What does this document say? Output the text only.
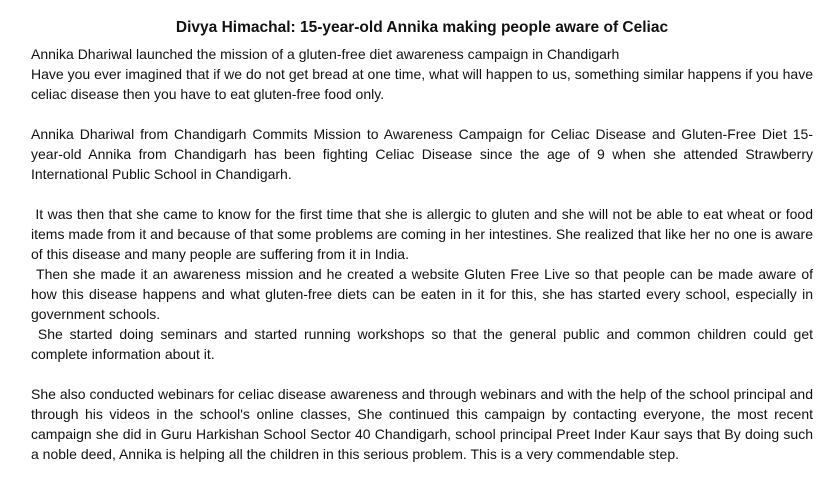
Divya Himachal: 15-year-old Annika making people aware of Celiac

Annika Dhariwal launched the mission of a gluten-free diet awareness campaign in Chandigarh

Have you ever imagined that if we do not get bread at one time, what will happen to us, something similar happens if you have celiac disease then you have to eat gluten-free food only.

Annika Dhariwal from Chandigarh Commits Mission to Awareness Campaign for Celiac Disease and Gluten-Free Diet 15-year-old Annika from Chandigarh has been fighting Celiac Disease since the age of 9 when she attended Strawberry International Public School in Chandigarh.

It was then that she came to know for the first time that she is allergic to gluten and she will not be able to eat wheat or food items made from it and because of that some problems are coming in her intestines. She realized that like her no one is aware of this disease and many people are suffering from it in India.

Then she made it an awareness mission and he created a website Gluten Free Live so that people can be made aware of how this disease happens and what gluten-free diets can be eaten in it for this, she has started every school, especially in government schools.

She started doing seminars and started running workshops so that the general public and common children could get complete information about it.

She also conducted webinars for celiac disease awareness and through webinars and with the help of the school principal and through his videos in the school's online classes, She continued this campaign by contacting everyone, the most recent campaign she did in Guru Harkishan School Sector 40 Chandigarh, school principal Preet Inder Kaur says that By doing such a noble deed, Annika is helping all the children in this serious problem. This is a very commendable step.
